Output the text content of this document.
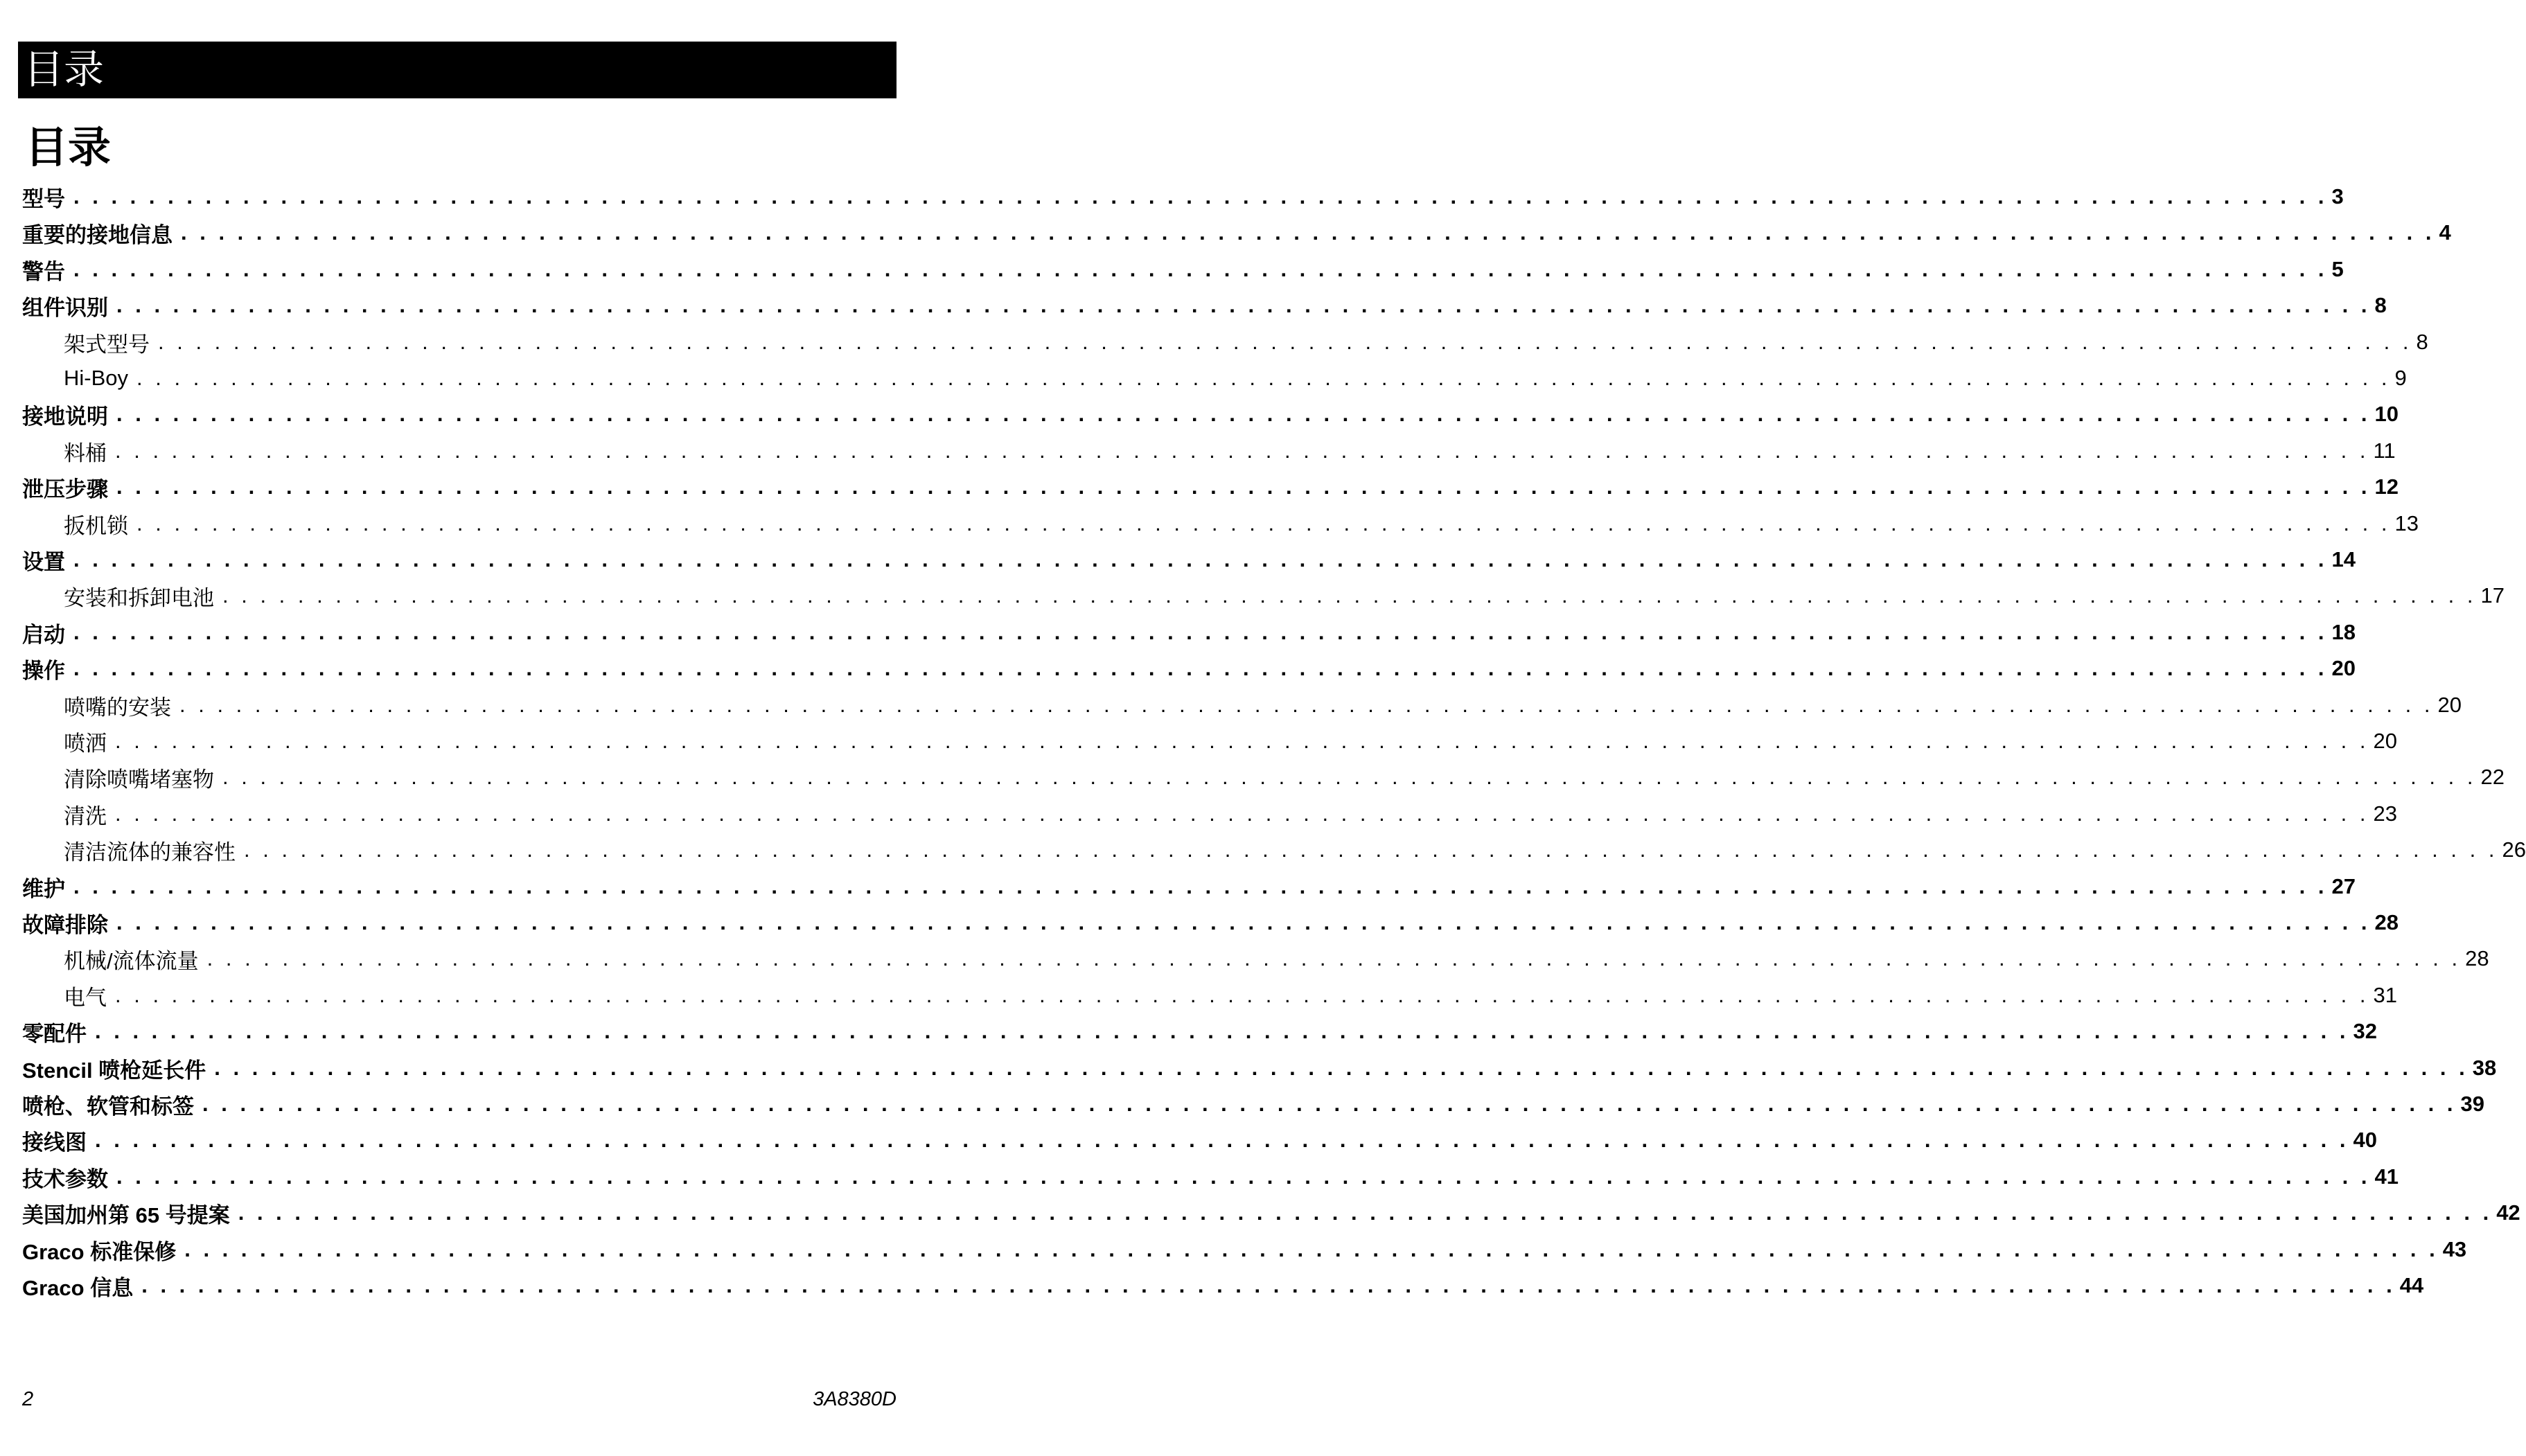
目录
目录
型号 . . . . . . . . . . . . . . . . . . . . . . . . . . . . . . . . . . . . . . . . . . . . . . . . . . . . . . . . . . . . . . . . . . . . . . . . . . . . . . . . . . . . . . . . . . . . . . . . . . . . . . . . . . . . . . . . . . . . . . . . 3
重要的接地信息 . . . . . . . . . . . . . . . . . . . . . . . . . . . . . . . . . . . . . . . . . . . . . . . . . . . . . . . . . . . . . . . . . . . . . . . . . . . . . . . . . . . . . . . . . . . . . . . . . . . . . . . . . . . . . . . . . . . . . . . . 4
警告 . . . . . . . . . . . . . . . . . . . . . . . . . . . . . . . . . . . . . . . . . . . . . . . . . . . . . . . . . . . . . . . . . . . . . . . . . . . . . . . . . . . . . . . . . . . . . . . . . . . . . . . . . . . . . . . . . . . . . . . . 5
组件识别 . . . . . . . . . . . . . . . . . . . . . . . . . . . . . . . . . . . . . . . . . . . . . . . . . . . . . . . . . . . . . . . . . . . . . . . . . . . . . . . . . . . . . . . . . . . . . . . . . . . . . . . . . . . . . . . . . . . . . . . . 8
架式型号 . . . . . . . . . . . . . . . . . . . . . . . . . . . . . . . . . . . . . . . . . . . . . . . . . . . . . . . . . . . . . . . . . . . . . . . . . . . . . . . . . . . . . . . . . . . . . . . . . . . . . . . . . . . . . . . . . . . . . . . . 8
Hi-Boy . . . . . . . . . . . . . . . . . . . . . . . . . . . . . . . . . . . . . . . . . . . . . . . . . . . . . . . . . . . . . . . . . . . . . . . . . . . . . . . . . . . . . . . . . . . . . . . . . . . . . . . . . . . . . . . . . . . . . . . . 9
接地说明 . . . . . . . . . . . . . . . . . . . . . . . . . . . . . . . . . . . . . . . . . . . . . . . . . . . . . . . . . . . . . . . . . . . . . . . . . . . . . . . . . . . . . . . . . . . . . . . . . . . . . . . . . . . . . . . . . . . . . . . . 10
料桶 . . . . . . . . . . . . . . . . . . . . . . . . . . . . . . . . . . . . . . . . . . . . . . . . . . . . . . . . . . . . . . . . . . . . . . . . . . . . . . . . . . . . . . . . . . . . . . . . . . . . . . . . . . . . . . . . . . . . . . . . 11
泄压步骤 . . . . . . . . . . . . . . . . . . . . . . . . . . . . . . . . . . . . . . . . . . . . . . . . . . . . . . . . . . . . . . . . . . . . . . . . . . . . . . . . . . . . . . . . . . . . . . . . . . . . . . . . . . . . . . . . . . . . . . . . 12
扳机锁 . . . . . . . . . . . . . . . . . . . . . . . . . . . . . . . . . . . . . . . . . . . . . . . . . . . . . . . . . . . . . . . . . . . . . . . . . . . . . . . . . . . . . . . . . . . . . . . . . . . . . . . . . . . . . . . . . . . . . . . . 13
设置 . . . . . . . . . . . . . . . . . . . . . . . . . . . . . . . . . . . . . . . . . . . . . . . . . . . . . . . . . . . . . . . . . . . . . . . . . . . . . . . . . . . . . . . . . . . . . . . . . . . . . . . . . . . . . . . . . . . . . . . . 14
安装和拆卸电池 . . . . . . . . . . . . . . . . . . . . . . . . . . . . . . . . . . . . . . . . . . . . . . . . . . . . . . . . . . . . . . . . . . . . . . . . . . . . . . . . . . . . . . . . . . . . . . . . . . . . . . . . . . . . . . . . . . . . . . . . 17
启动 . . . . . . . . . . . . . . . . . . . . . . . . . . . . . . . . . . . . . . . . . . . . . . . . . . . . . . . . . . . . . . . . . . . . . . . . . . . . . . . . . . . . . . . . . . . . . . . . . . . . . . . . . . . . . . . . . . . . . . . . 18
操作 . . . . . . . . . . . . . . . . . . . . . . . . . . . . . . . . . . . . . . . . . . . . . . . . . . . . . . . . . . . . . . . . . . . . . . . . . . . . . . . . . . . . . . . . . . . . . . . . . . . . . . . . . . . . . . . . . . . . . . . . 20
喷嘴的安装 . . . . . . . . . . . . . . . . . . . . . . . . . . . . . . . . . . . . . . . . . . . . . . . . . . . . . . . . . . . . . . . . . . . . . . . . . . . . . . . . . . . . . . . . . . . . . . . . . . . . . . . . . . . . . . . . . . . . . . . . 20
喷洒 . . . . . . . . . . . . . . . . . . . . . . . . . . . . . . . . . . . . . . . . . . . . . . . . . . . . . . . . . . . . . . . . . . . . . . . . . . . . . . . . . . . . . . . . . . . . . . . . . . . . . . . . . . . . . . . . . . . . . . . . 20
清除喷嘴堵塞物 . . . . . . . . . . . . . . . . . . . . . . . . . . . . . . . . . . . . . . . . . . . . . . . . . . . . . . . . . . . . . . . . . . . . . . . . . . . . . . . . . . . . . . . . . . . . . . . . . . . . . . . . . . . . . . . . . . . . . . . . 22
清洗 . . . . . . . . . . . . . . . . . . . . . . . . . . . . . . . . . . . . . . . . . . . . . . . . . . . . . . . . . . . . . . . . . . . . . . . . . . . . . . . . . . . . . . . . . . . . . . . . . . . . . . . . . . . . . . . . . . . . . . . . 23
清洁流体的兼容性 . . . . . . . . . . . . . . . . . . . . . . . . . . . . . . . . . . . . . . . . . . . . . . . . . . . . . . . . . . . . . . . . . . . . . . . . . . . . . . . . . . . . . . . . . . . . . . . . . . . . . . . . . . . . . . . . . . . . . . . . 26
维护 . . . . . . . . . . . . . . . . . . . . . . . . . . . . . . . . . . . . . . . . . . . . . . . . . . . . . . . . . . . . . . . . . . . . . . . . . . . . . . . . . . . . . . . . . . . . . . . . . . . . . . . . . . . . . . . . . . . . . . . . 27
故障排除 . . . . . . . . . . . . . . . . . . . . . . . . . . . . . . . . . . . . . . . . . . . . . . . . . . . . . . . . . . . . . . . . . . . . . . . . . . . . . . . . . . . . . . . . . . . . . . . . . . . . . . . . . . . . . . . . . . . . . . . . 28
机械/流体流量 . . . . . . . . . . . . . . . . . . . . . . . . . . . . . . . . . . . . . . . . . . . . . . . . . . . . . . . . . . . . . . . . . . . . . . . . . . . . . . . . . . . . . . . . . . . . . . . . . . . . . . . . . . . . . . . . . . . . . . . . 28
电气 . . . . . . . . . . . . . . . . . . . . . . . . . . . . . . . . . . . . . . . . . . . . . . . . . . . . . . . . . . . . . . . . . . . . . . . . . . . . . . . . . . . . . . . . . . . . . . . . . . . . . . . . . . . . . . . . . . . . . . . . 31
零配件 . . . . . . . . . . . . . . . . . . . . . . . . . . . . . . . . . . . . . . . . . . . . . . . . . . . . . . . . . . . . . . . . . . . . . . . . . . . . . . . . . . . . . . . . . . . . . . . . . . . . . . . . . . . . . . . . . . . . . . . . 32
Stencil 喷枪延长件 . . . . . . . . . . . . . . . . . . . . . . . . . . . . . . . . . . . . . . . . . . . . . . . . . . . . . . . . . . . . . . . . . . . . . . . . . . . . . . . . . . . . . . . . . . . . . . . . . . . . . . . . . . . . . . . . . . . . . . . . 38
喷枪、软管和标签 . . . . . . . . . . . . . . . . . . . . . . . . . . . . . . . . . . . . . . . . . . . . . . . . . . . . . . . . . . . . . . . . . . . . . . . . . . . . . . . . . . . . . . . . . . . . . . . . . . . . . . . . . . . . . . . . . . . . . . . . 39
接线图 . . . . . . . . . . . . . . . . . . . . . . . . . . . . . . . . . . . . . . . . . . . . . . . . . . . . . . . . . . . . . . . . . . . . . . . . . . . . . . . . . . . . . . . . . . . . . . . . . . . . . . . . . . . . . . . . . . . . . . . . 40
技术参数 . . . . . . . . . . . . . . . . . . . . . . . . . . . . . . . . . . . . . . . . . . . . . . . . . . . . . . . . . . . . . . . . . . . . . . . . . . . . . . . . . . . . . . . . . . . . . . . . . . . . . . . . . . . . . . . . . . . . . . . . 41
美国加州第 65 号提案 . . . . . . . . . . . . . . . . . . . . . . . . . . . . . . . . . . . . . . . . . . . . . . . . . . . . . . . . . . . . . . . . . . . . . . . . . . . . . . . . . . . . . . . . . . . . . . . . . . . . . . . . . . . . . . . . . . . . . . . . 42
Graco 标准保修 . . . . . . . . . . . . . . . . . . . . . . . . . . . . . . . . . . . . . . . . . . . . . . . . . . . . . . . . . . . . . . . . . . . . . . . . . . . . . . . . . . . . . . . . . . . . . . . . . . . . . . . . . . . . . . . . . . . . . . . . 43
Graco 信息 . . . . . . . . . . . . . . . . . . . . . . . . . . . . . . . . . . . . . . . . . . . . . . . . . . . . . . . . . . . . . . . . . . . . . . . . . . . . . . . . . . . . . . . . . . . . . . . . . . . . . . . . . . . . . . . . . . . . . . . . 44
2	3A8380D
